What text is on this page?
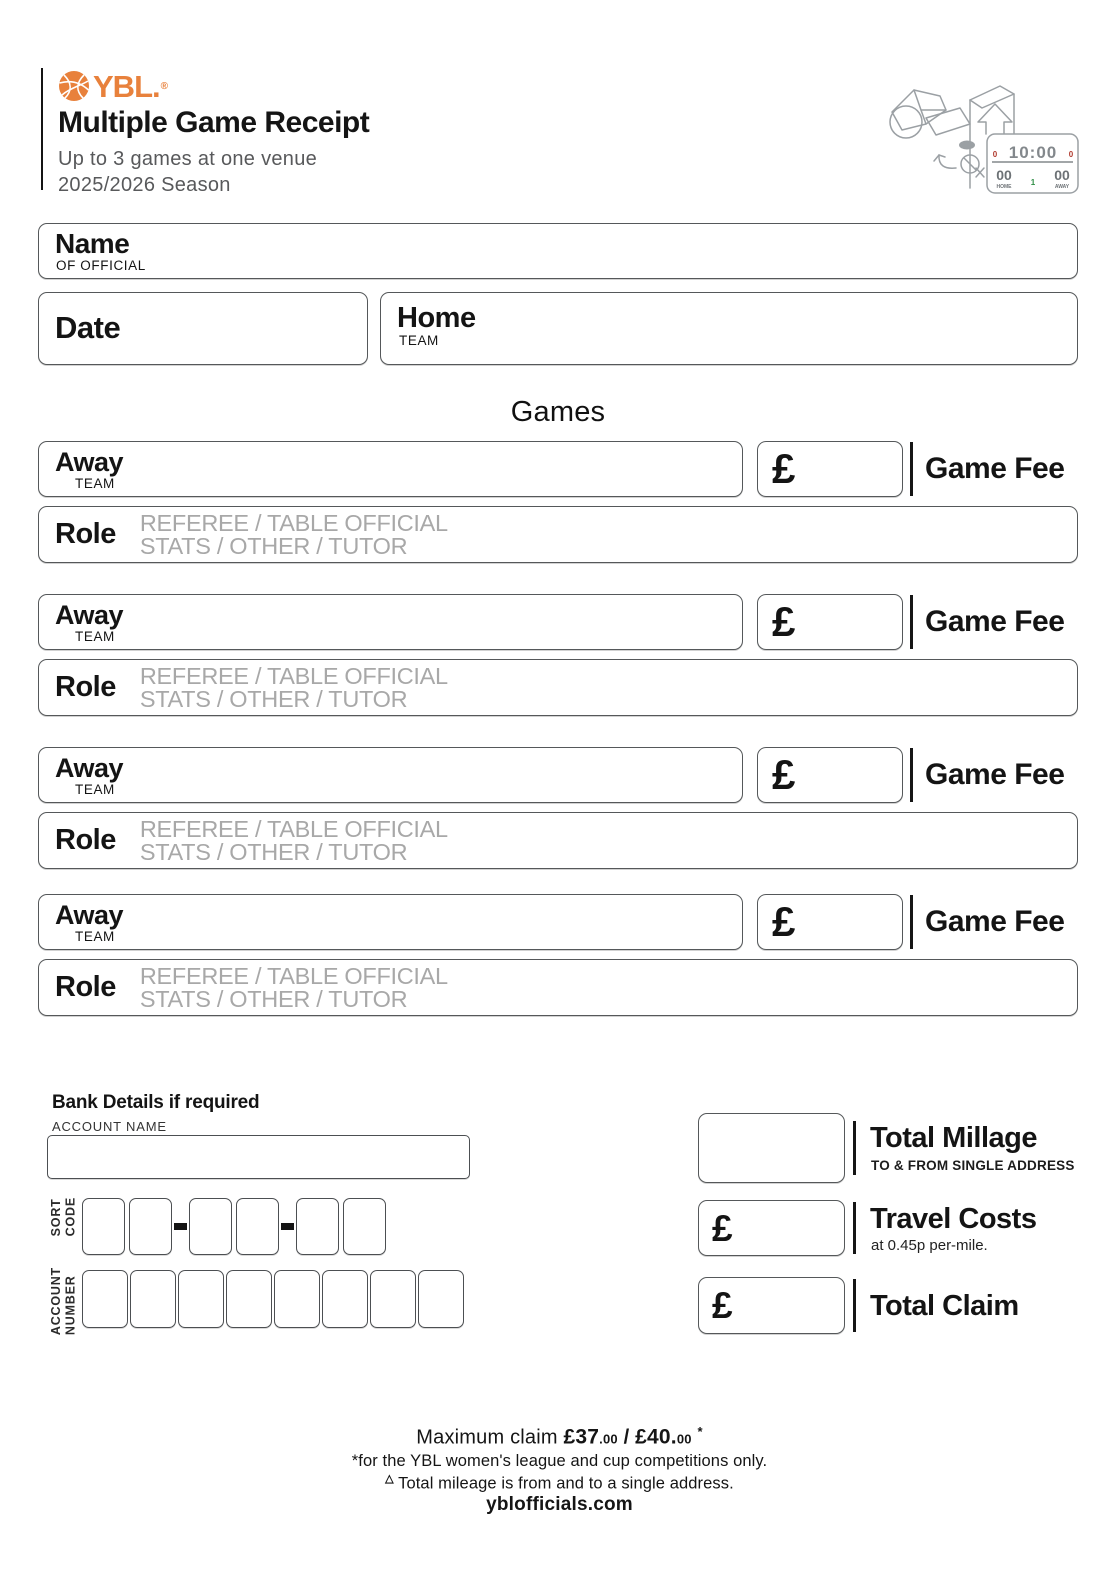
YBL. ®
Multiple Game Receipt
Up to 3 games at one venue
2025/2026 Season
0 10:00 0
00	00
HOME 1	AWAY
Name
OF OFFICIAL
Date	Home
TEAM
Games
Away
TEAM	£	Game Fee
Role REFEREE / TABLE OFFICIAL
STATS / OTHER / TUTOR
Away
TEAM	£	Game Fee
Role REFEREE / TABLE OFFICIAL
STATS / OTHER / TUTOR
Away
TEAM	£	Game Fee
Role REFEREE / TABLE OFFICIAL
STATS / OTHER / TUTOR
Away
TEAM	£	Game Fee
Role REFEREE / TABLE OFFICIAL
STATS / OTHER / TUTOR
Bank Details if required
ACCOUNT NAME
SORT CODE
ACCOUNT NUMBER
Total Millage
TO & FROM SINGLE ADDRESS
£	Travel Costs
at 0.45p per-mile.
£	Total Claim
Maximum claim £37.00 / £40.00 *
*for the YBL women's league and cup competitions only.
△ Total mileage is from and to a single address.
yblofficials.com
